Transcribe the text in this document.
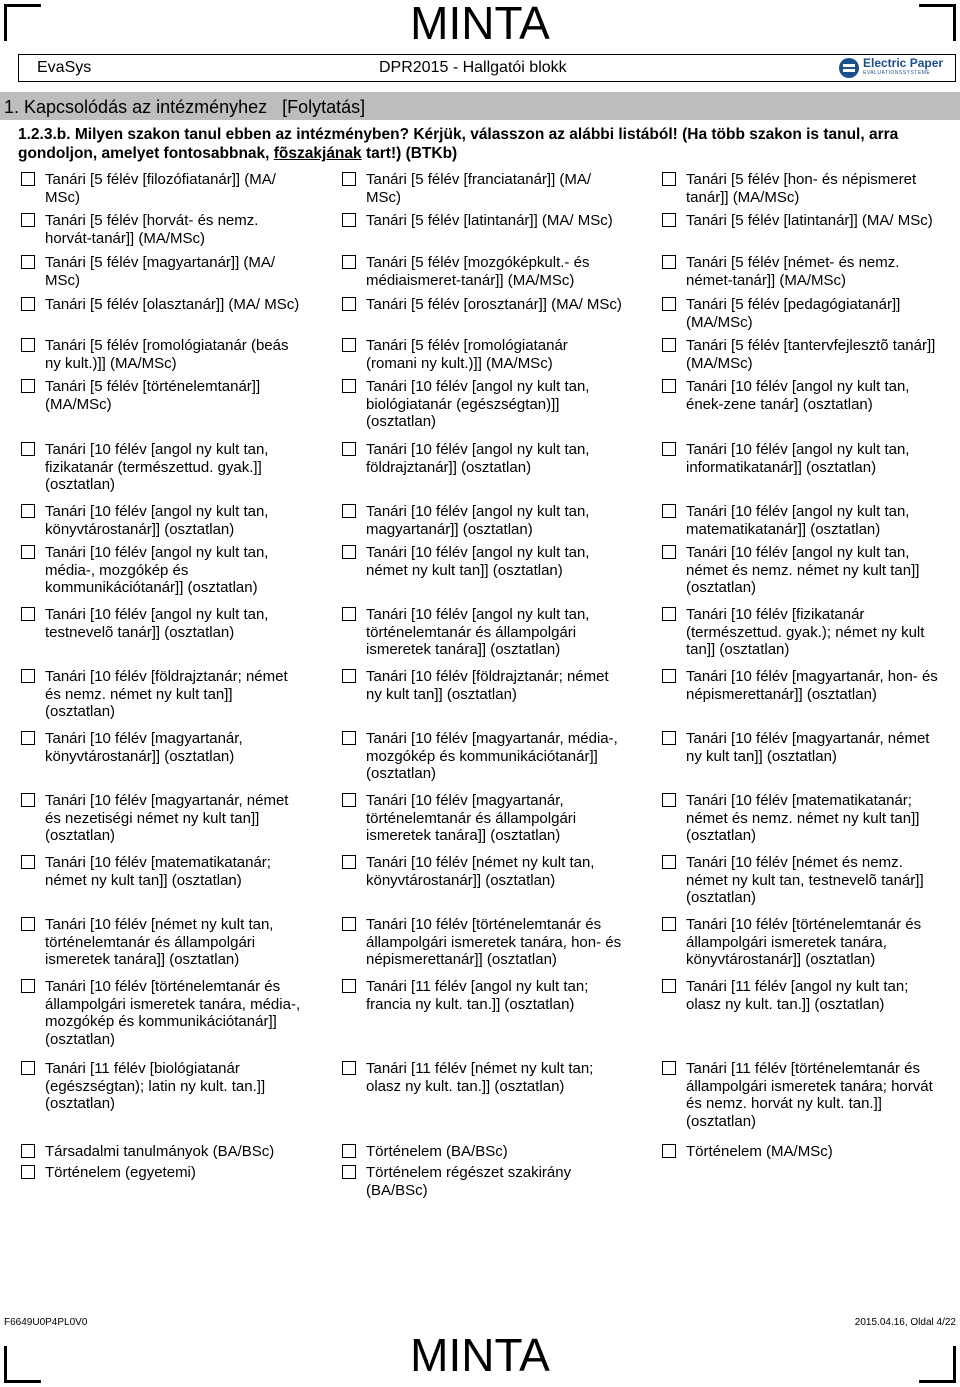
MINTA
EvaSys	DPR2015 - Hallgatói blokk	Electric Paper
EVALUATIONSSYSTEME
1. Kapcsolódás az intézményhez   [Folytatás]
1.2.3.b. Milyen szakon tanul ebben az intézményben? Kérjük, válasszon az alábbi listából! (Ha több szakon is tanul, arra gondoljon, amelyet fontosabbnak, fõszakjának tart!) (BTKb)
Tanári [5 félév [filozófiatanár]] (MA/ MSc)
Tanári [5 félév [franciatanár]] (MA/ MSc)
Tanári [5 félév [hon- és népismeret tanár]] (MA/MSc)
Tanári [5 félév [horvát- és nemz. horvát-tanár]] (MA/MSc)
Tanári [5 félév [latintanár]] (MA/ MSc)	Tanári [5 félév [latintanár]] (MA/ MSc)
Tanári [5 félév [magyartanár]] (MA/ MSc)
Tanári [5 félév [mozgóképkult.- és médiaismeret-tanár]] (MA/MSc)
Tanári [5 félév [német- és nemz. német-tanár]] (MA/MSc)
Tanári [5 félév [olasztanár]] (MA/ MSc)	Tanári [5 félév [orosztanár]] (MA/ MSc)	Tanári [5 félév [pedagógiatanár]] (MA/MSc)
Tanári [5 félév [romológiatanár (beás ny kult.)]] (MA/MSc)
Tanári [5 félév [romológiatanár (romani ny kult.)]] (MA/MSc)
Tanári [5 félév [tantervfejlesztõ tanár]] (MA/MSc)
Tanári [5 félév [történelemtanár]] (MA/MSc)
Tanári [10 félév [angol ny kult tan, biológiatanár (egészségtan)]] (osztatlan)
Tanári [10 félév [angol ny kult tan, ének-zene tanár] (osztatlan)
Tanári [10 félév [angol ny kult tan, fizikatanár (természettud. gyak.]] (osztatlan)
Tanári [10 félév [angol ny kult tan, földrajztanár]] (osztatlan)
Tanári [10 félév [angol ny kult tan, informatikatanár]] (osztatlan)
Tanári [10 félév [angol ny kult tan, könyvtárostanár]] (osztatlan)
Tanári [10 félév [angol ny kult tan, magyartanár]] (osztatlan)
Tanári [10 félév [angol ny kult tan, matematikatanár]] (osztatlan)
Tanári [10 félév [angol ny kult tan, média-, mozgókép és kommunikációtanár]] (osztatlan)
Tanári [10 félév [angol ny kult tan, német ny kult tan]] (osztatlan)
Tanári [10 félév [angol ny kult tan, német és nemz. német ny kult tan]] (osztatlan)
Tanári [10 félév [angol ny kult tan, testnevelõ tanár]] (osztatlan)
Tanári [10 félév [angol ny kult tan, történelemtanár és állampolgári ismeretek tanára]] (osztatlan)
Tanári [10 félév [fizikatanár (természettud. gyak.); német ny kult tan]] (osztatlan)
Tanári [10 félév [földrajztanár; német és nemz. német ny kult tan]] (osztatlan)
Tanári [10 félév [földrajztanár; német ny kult tan]] (osztatlan)
Tanári [10 félév [magyartanár, hon- és népismerettanár]] (osztatlan)
Tanári [10 félév [magyartanár, könyvtárostanár]] (osztatlan)
Tanári [10 félév [magyartanár, média-, mozgókép és kommunikációtanár]] (osztatlan)
Tanári [10 félév [magyartanár, német ny kult tan]] (osztatlan)
Tanári [10 félév [magyartanár, német és nezetiségi német ny kult tan]] (osztatlan)
Tanári [10 félév [magyartanár, történelemtanár és állampolgári ismeretek tanára]] (osztatlan)
Tanári [10 félév [matematikatanár; német és nemz. német ny kult tan]] (osztatlan)
Tanári [10 félév [matematikatanár; német ny kult tan]] (osztatlan)
Tanári [10 félév [német ny kult tan, könyvtárostanár]] (osztatlan)
Tanári [10 félév [német és nemz. német ny kult tan, testnevelõ tanár]] (osztatlan)
Tanári [10 félév [német ny kult tan, történelemtanár és állampolgári ismeretek tanára]] (osztatlan)
Tanári [10 félév [történelemtanár és állampolgári ismeretek tanára, hon- és népismerettanár]] (osztatlan)
Tanári [10 félév [történelemtanár és állampolgári ismeretek tanára, könyvtárostanár]] (osztatlan)
Tanári [10 félév [történelemtanár és állampolgári ismeretek tanára, média-, mozgókép és kommunikációtanár]] (osztatlan)
Tanári [11 félév [angol ny kult tan; francia ny kult. tan.]] (osztatlan)
Tanári [11 félév [angol ny kult tan; olasz ny kult. tan.]] (osztatlan)
Tanári [11 félév [biológiatanár (egészségtan); latin ny kult. tan.]] (osztatlan)
Tanári [11 félév [német ny kult tan; olasz ny kult. tan.]] (osztatlan)
Tanári [11 félév [történelemtanár és állampolgári ismeretek tanára; horvát és nemz. horvát ny kult. tan.]] (osztatlan)
Társadalmi tanulmányok (BA/BSc)	Történelem (BA/BSc)	Történelem (MA/MSc)
Történelem (egyetemi)	Történelem régészet szakirány (BA/BSc)
MINTA
F6649U0P4PL0V0	2015.04.16, Oldal 4/22
